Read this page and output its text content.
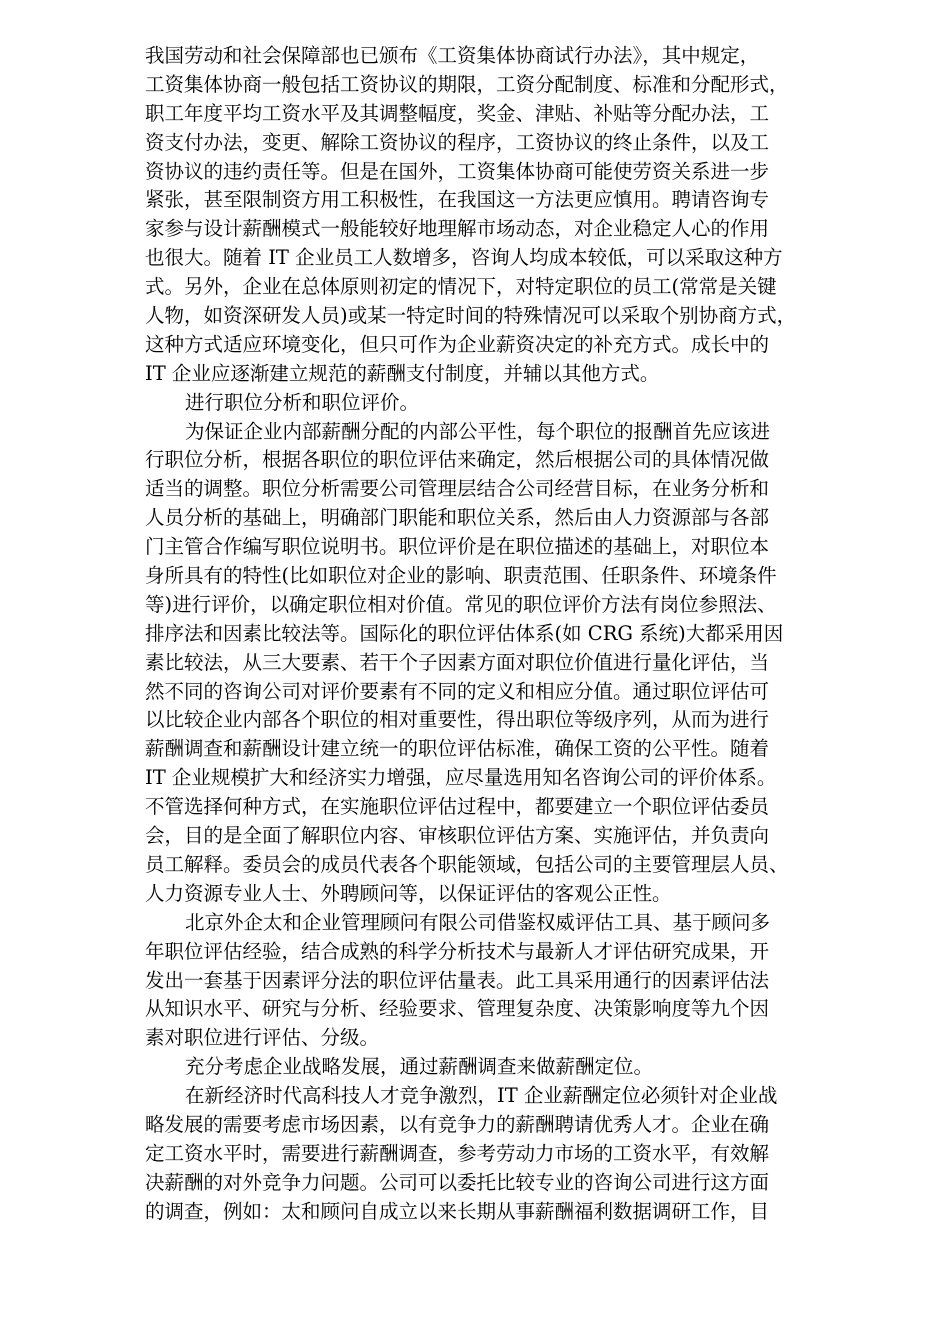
我国劳动和社会保障部也已颁布《工资集体协商试行办法》，其中规定，
工资集体协商一般包括工资协议的期限，工资分配制度、标准和分配形式，
职工年度平均工资水平及其调整幅度，奖金、津贴、补贴等分配办法，工
资支付办法，变更、解除工资协议的程序，工资协议的终止条件，以及工
资协议的违约责任等。但是在国外，工资集体协商可能使劳资关系进一步
紧张，甚至限制资方用工积极性，在我国这一方法更应慎用。聘请咨询专
家参与设计薪酬模式一般能较好地理解市场动态，对企业稳定人心的作用
也很大。随着 IT 企业员工人数增多，咨询人均成本较低，可以采取这种方
式。另外，企业在总体原则初定的情况下，对特定职位的员工(常常是关键
人物，如资深研发人员)或某一特定时间的特殊情况可以采取个别协商方式，
这种方式适应环境变化，但只可作为企业薪资决定的补充方式。成长中的
IT 企业应逐渐建立规范的薪酬支付制度，并辅以其他方式。
进行职位分析和职位评价。
为保证企业内部薪酬分配的内部公平性，每个职位的报酬首先应该进
行职位分析，根据各职位的职位评估来确定，然后根据公司的具体情况做
适当的调整。职位分析需要公司管理层结合公司经营目标，在业务分析和
人员分析的基础上，明确部门职能和职位关系，然后由人力资源部与各部
门主管合作编写职位说明书。职位评价是在职位描述的基础上，对职位本
身所具有的特性(比如职位对企业的影响、职责范围、任职条件、环境条件
等)进行评价，以确定职位相对价值。常见的职位评价方法有岗位参照法、
排序法和因素比较法等。国际化的职位评估体系(如 CRG 系统)大都采用因
素比较法，从三大要素、若干个子因素方面对职位价值进行量化评估，当
然不同的咨询公司对评价要素有不同的定义和相应分值。通过职位评估可
以比较企业内部各个职位的相对重要性，得出职位等级序列，从而为进行
薪酬调查和薪酬设计建立统一的职位评估标准，确保工资的公平性。随着
IT 企业规模扩大和经济实力增强，应尽量选用知名咨询公司的评价体系。
不管选择何种方式，在实施职位评估过程中，都要建立一个职位评估委员
会，目的是全面了解职位内容、审核职位评估方案、实施评估，并负责向
员工解释。委员会的成员代表各个职能领域，包括公司的主要管理层人员、
人力资源专业人士、外聘顾问等，以保证评估的客观公正性。
北京外企太和企业管理顾问有限公司借鉴权威评估工具、基于顾问多
年职位评估经验，结合成熟的科学分析技术与最新人才评估研究成果，开
发出一套基于因素评分法的职位评估量表。此工具采用通行的因素评估法
从知识水平、研究与分析、经验要求、管理复杂度、决策影响度等九个因
素对职位进行评估、分级。
充分考虑企业战略发展，通过薪酬调查来做薪酬定位。
在新经济时代高科技人才竞争激烈，IT 企业薪酬定位必须针对企业战
略发展的需要考虑市场因素，以有竞争力的薪酬聘请优秀人才。企业在确
定工资水平时，需要进行薪酬调查，参考劳动力市场的工资水平，有效解
决薪酬的对外竞争力问题。公司可以委托比较专业的咨询公司进行这方面
的调查，例如：太和顾问自成立以来长期从事薪酬福利数据调研工作，目
